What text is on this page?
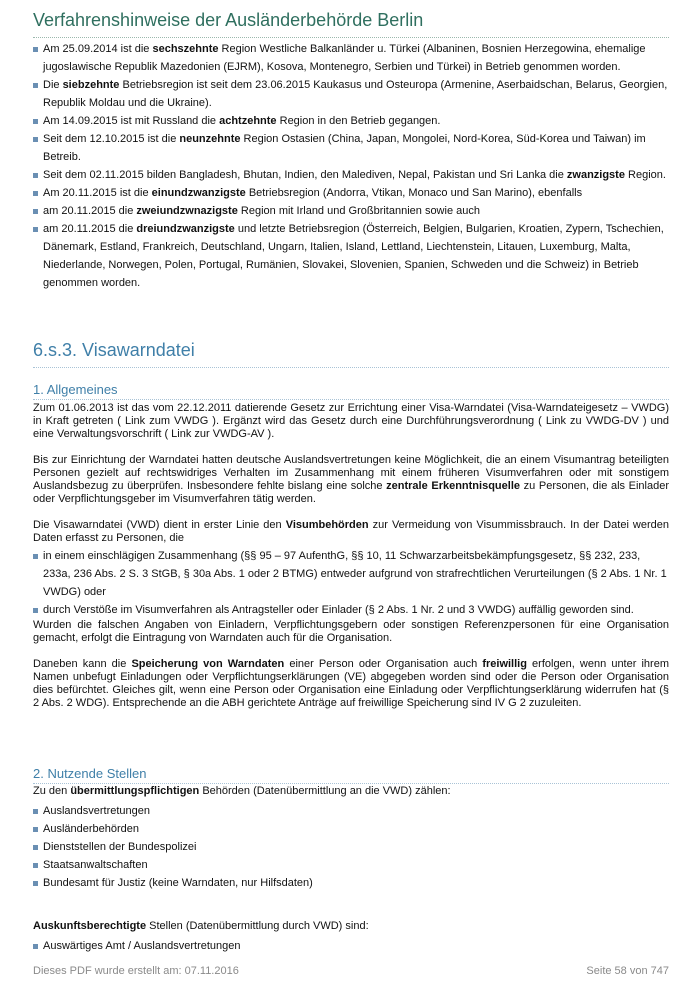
Verfahrenshinweise der Ausländerbehörde Berlin
Am 25.09.2014 ist die sechszehnte Region Westliche Balkanländer u. Türkei (Albaninen, Bosnien Herzegowina, ehemalige jugoslawische Republik Mazedonien (EJRM), Kosova, Montenegro, Serbien und Türkei) in Betrieb genommen worden.
Die siebzehnte Betriebsregion ist seit dem 23.06.2015 Kaukasus und Osteuropa (Armenine, Aserbaidschan, Belarus, Georgien, Republik Moldau und die Ukraine).
Am 14.09.2015 ist mit Russland die achtzehnte Region in den Betrieb gegangen.
Seit dem 12.10.2015 ist die neunzehnte Region Ostasien (China, Japan, Mongolei, Nord-Korea, Süd-Korea und Taiwan) im Betreib.
Seit dem 02.11.2015 bilden Bangladesh, Bhutan, Indien, den Malediven, Nepal, Pakistan und Sri Lanka die zwanzigste Region.
Am 20.11.2015 ist die einundzwanzigste Betriebsregion (Andorra, Vtikan, Monaco und San Marino), ebenfalls
am 20.11.2015 die zweiundzwnazigste Region mit Irland und Großbritannien sowie auch
am 20.11.2015 die dreiundzwanzigste und letzte Betriebsregion (Österreich, Belgien, Bulgarien, Kroatien, Zypern, Tschechien, Dänemark, Estland, Frankreich, Deutschland, Ungarn, Italien, Island, Lettland, Liechtenstein, Litauen, Luxemburg, Malta, Niederlande, Norwegen, Polen, Portugal, Rumänien, Slovakei, Slovenien, Spanien, Schweden und die Schweiz) in Betrieb genommen worden.
6.s.3. Visawarndatei
1. Allgemeines

Zum 01.06.2013 ist das vom 22.12.2011 datierende Gesetz zur Errichtung einer Visa-Warndatei (Visa-Warndateigesetz – VWDG) in Kraft getreten ( Link zum VWDG ). Ergänzt wird das Gesetz durch eine Durchführungsverordnung ( Link zu VWDG-DV ) und eine Verwaltungsvorschrift ( Link zur VWDG-AV ).

Bis zur Einrichtung der Warndatei hatten deutsche Auslandsvertretungen keine Möglichkeit, die an einem Visumantrag beteiligten Personen gezielt auf rechtswidriges Verhalten im Zusammenhang mit einem früheren Visumverfahren oder mit sonstigem Auslandsbezug zu überprüfen. Insbesondere fehlte bislang eine solche zentrale Erkenntnisquelle zu Personen, die als Einlader oder Verpflichtungsgeber im Visumverfahren tätig werden.

Die Visawarndatei (VWD) dient in erster Linie den Visumbehörden zur Vermeidung von Visummissbrauch. In der Datei werden Daten erfasst zu Personen, die

in einem einschlägigen Zusammenhang (§§ 95 – 97 AufenthG, §§ 10, 11 Schwarzarbeitsbekämpfungsgesetz, §§ 232, 233, 233a, 236 Abs. 2 S. 3 StGB, § 30a Abs. 1 oder 2 BTMG) entweder aufgrund von strafrechtlichen Verurteilungen (§ 2 Abs. 1 Nr. 1 VWDG) oder
durch Verstöße im Visumverfahren als Antragsteller oder Einlader (§ 2 Abs. 1 Nr. 2 und 3 VWDG) auffällig geworden sind.

Wurden die falschen Angaben von Einladern, Verpflichtungsgebern oder sonstigen Referenzpersonen für eine Organisation gemacht, erfolgt die Eintragung von Warndaten auch für die Organisation.

Daneben kann die Speicherung von Warndaten einer Person oder Organisation auch freiwillig erfolgen, wenn unter ihrem Namen unbefugt Einladungen oder Verpflichtungserklärungen (VE) abgegeben worden sind oder die Person oder Organisation dies befürchtet. Gleiches gilt, wenn eine Person oder Organisation eine Einladung oder Verpflichtungserklärung widerrufen hat (§ 2 Abs. 2 WDG). Entsprechende an die ABH gerichtete Anträge auf freiwillige Speicherung sind IV G 2 zuzuleiten.

2. Nutzende Stellen

Zu den übermittlungspflichtigen Behörden (Datenübermittlung an die VWD) zählen:

Auslandsvertretungen
Ausländerbehörden
Dienststellen der Bundespolizei
Staatsanwaltschaften
Bundesamt für Justiz (keine Warndaten, nur Hilfsdaten)

Auskunftsberechtigte Stellen (Datenübermittlung durch VWD) sind:

Auswärtiges Amt / Auslandsvertretungen
Dieses PDF wurde erstellt am: 07.11.2016	Seite 58 von 747
